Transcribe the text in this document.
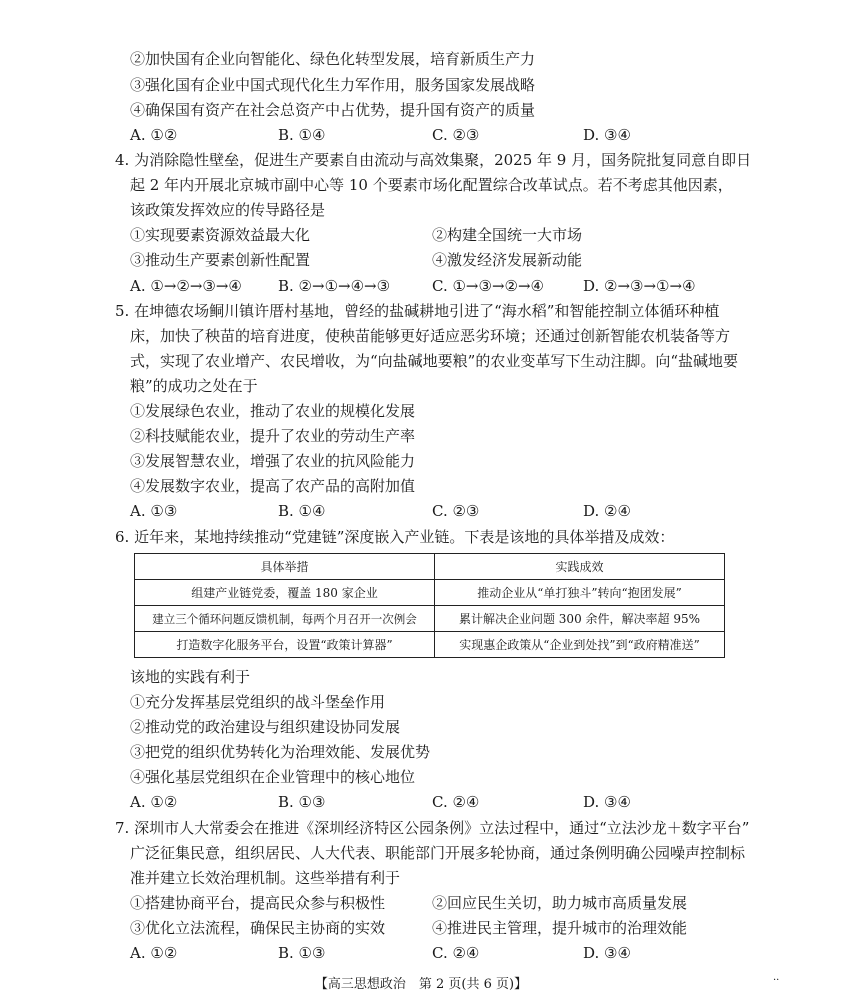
②加快国有企业向智能化、绿色化转型发展，培育新质生产力
③强化国有企业中国式现代化生力军作用，服务国家发展战略
④确保国有资产在社会总资产中占优势，提升国有资产的质量
A. ①②	B. ①④	C. ②③	D. ③④
4. 为消除隐性壁垒，促进生产要素自由流动与高效集聚，2025 年 9 月，国务院批复同意自即日
起 2 年内开展北京城市副中心等 10 个要素市场化配置综合改革试点。若不考虑其他因素，
该政策发挥效应的传导路径是
①实现要素资源效益最大化	②构建全国统一大市场
③推动生产要素创新性配置	④激发经济发展新动能
A. ①→②→③→④ B. ②→①→④→③	C. ①→③→②→④	D. ②→③→①→④
5. 在坤德农场鲖川镇许厝村基地，曾经的盐碱耕地引进了“海水稻”和智能控制立体循环种植
床，加快了秧苗的培育进度，使秧苗能够更好适应恶劣环境；还通过创新智能农机装备等方
式，实现了农业增产、农民增收，为“向盐碱地要粮”的农业变革写下生动注脚。向“盐碱地要
粮”的成功之处在于
①发展绿色农业，推动了农业的规模化发展
②科技赋能农业，提升了农业的劳动生产率
③发展智慧农业，增强了农业的抗风险能力
④发展数字农业，提高了农产品的高附加值
A. ①③	B. ①④	C. ②③	D. ②④
6. 近年来，某地持续推动“党建链”深度嵌入产业链。下表是该地的具体举措及成效：
具体举措	实践成效
组建产业链党委，覆盖 180 家企业	推动企业从“单打独斗”转向“抱团发展”
建立三个循环问题反馈机制，每两个月召开一次例会	累计解决企业问题 300 余件，解决率超 95%
打造数字化服务平台，设置“政策计算器”	实现惠企政策从“企业到处找”到“政府精准送”
该地的实践有利于
①充分发挥基层党组织的战斗堡垒作用
②推动党的政治建设与组织建设协同发展
③把党的组织优势转化为治理效能、发展优势
④强化基层党组织在企业管理中的核心地位
A. ①②	B. ①③	C. ②④	D. ③④
7. 深圳市人大常委会在推进《深圳经济特区公园条例》立法过程中，通过“立法沙龙＋数字平台”
广泛征集民意，组织居民、人大代表、职能部门开展多轮协商，通过条例明确公园噪声控制标
准并建立长效治理机制。这些举措有利于
①搭建协商平台，提高民众参与积极性	②回应民生关切，助力城市高质量发展
③优化立法流程，确保民主协商的实效	④推进民主管理，提升城市的治理效能
A. ①②	B. ①③	C. ②④	D. ③④
【高三思想政治　第 2 页(共 6 页)】	··
